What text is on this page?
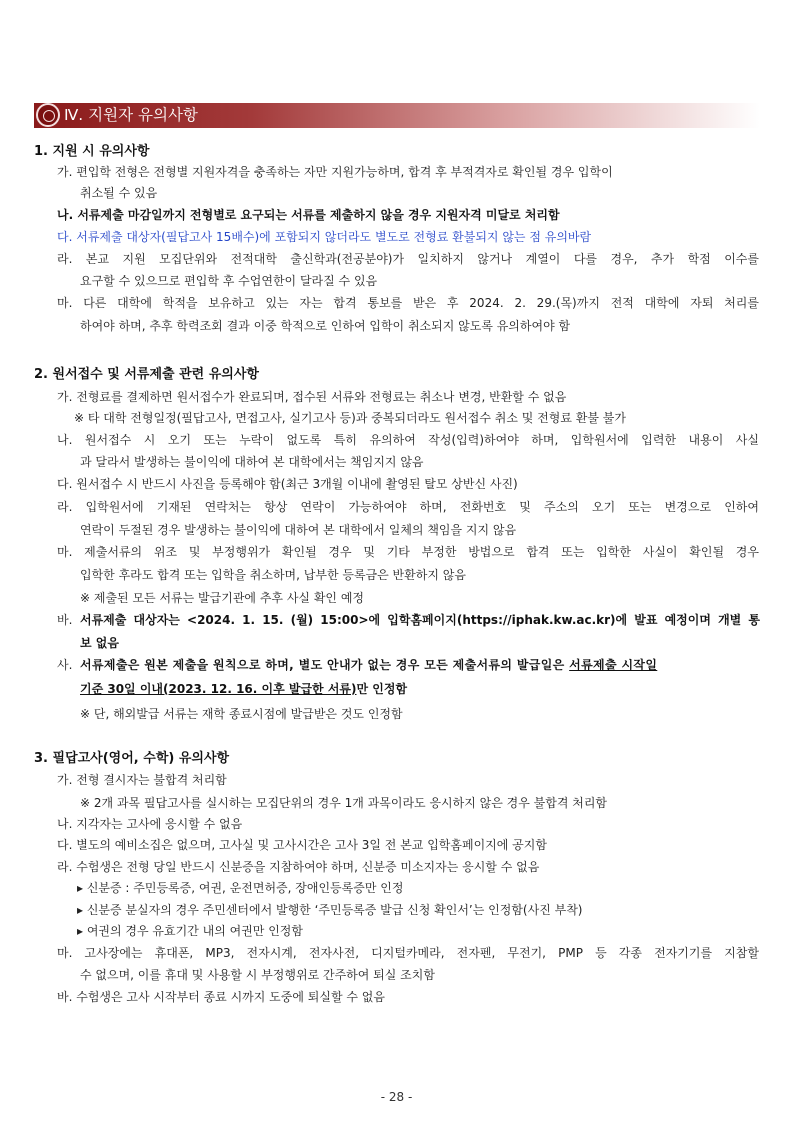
Ⅳ. 지원자 유의사항
1. 지원 시 유의사항
가. 편입학 전형은 전형별 지원자격을 충족하는 자만 지원가능하며, 합격 후 부적격자로 확인될 경우 입학이
취소될 수 있음
나. 서류제출 마감일까지 전형별로 요구되는 서류를 제출하지 않을 경우 지원자격 미달로 처리함
다. 서류제출 대상자(필답고사 15배수)에 포함되지 않더라도 별도로 전형료 환불되지 않는 점 유의바람
라. 본교 지원 모집단위와 전적대학 출신학과(전공분야)가 일치하지 않거나 계열이 다를 경우, 추가 학점 이수를
요구할 수 있으므로 편입학 후 수업연한이 달라질 수 있음
마. 다른 대학에 학적을 보유하고 있는 자는 합격 통보를 받은 후 2024. 2. 29.(목)까지 전적 대학에 자퇴 처리를
하여야 하며, 추후 학력조회 결과 이중 학적으로 인하여 입학이 취소되지 않도록 유의하여야 함
2. 원서접수 및 서류제출 관련 유의사항
가. 전형료를 결제하면 원서접수가 완료되며, 접수된 서류와 전형료는 취소나 변경, 반환할 수 없음
※ 타 대학 전형일정(필답고사, 면접고사, 실기고사 등)과 중복되더라도 원서접수 취소 및 전형료 환불 불가
나. 원서접수 시 오기 또는 누락이 없도록 특히 유의하여 작성(입력)하여야 하며, 입학원서에 입력한 내용이 사실
과 달라서 발생하는 불이익에 대하여 본 대학에서는 책임지지 않음
다. 원서접수 시 반드시 사진을 등록해야 함(최근 3개월 이내에 촬영된 탈모 상반신 사진)
라. 입학원서에 기재된 연락처는 항상 연락이 가능하여야 하며, 전화번호 및 주소의 오기 또는 변경으로 인하여
연락이 두절된 경우 발생하는 불이익에 대하여 본 대학에서 일체의 책임을 지지 않음
마. 제출서류의 위조 및 부정행위가 확인될 경우 및 기타 부정한 방법으로 합격 또는 입학한 사실이 확인될 경우
입학한 후라도 합격 또는 입학을 취소하며, 납부한 등록금은 반환하지 않음
※ 제출된 모든 서류는 발급기관에 추후 사실 확인 예정
바. 서류제출 대상자는 <2024. 1. 15. (월) 15:00>에 입학홈페이지(https://iphak.kw.ac.kr)에 발표 예정이며 개별 통
보 없음
사. 서류제출은 원본 제출을 원칙으로 하며, 별도 안내가 없는 경우 모든 제출서류의 발급일은 서류제출 시작일
기준 30일 이내(2023. 12. 16. 이후 발급한 서류)만 인정함
※ 단, 해외발급 서류는 재학 종료시점에 발급받은 것도 인정함
3. 필답고사(영어, 수학) 유의사항
가. 전형 결시자는 불합격 처리함
※ 2개 과목 필답고사를 실시하는 모집단위의 경우 1개 과목이라도 응시하지 않은 경우 불합격 처리함
나. 지각자는 고사에 응시할 수 없음
다. 별도의 예비소집은 없으며, 고사실 및 고사시간은 고사 3일 전 본교 입학홈페이지에 공지함
라. 수험생은 전형 당일 반드시 신분증을 지참하여야 하며, 신분증 미소지자는 응시할 수 없음
▸ 신분증 : 주민등록증, 여권, 운전면허증, 장애인등록증만 인정
▸ 신분증 분실자의 경우 주민센터에서 발행한 ‘주민등록증 발급 신청 확인서’는 인정함(사진 부착)
▸ 여권의 경우 유효기간 내의 여권만 인정함
마. 고사장에는 휴대폰, MP3, 전자시계, 전자사전, 디지털카메라, 전자펜, 무전기, PMP 등 각종 전자기기를 지참할
수 없으며, 이를 휴대 및 사용할 시 부정행위로 간주하여 퇴실 조치함
바. 수험생은 고사 시작부터 종료 시까지 도중에 퇴실할 수 없음
- 28 -
